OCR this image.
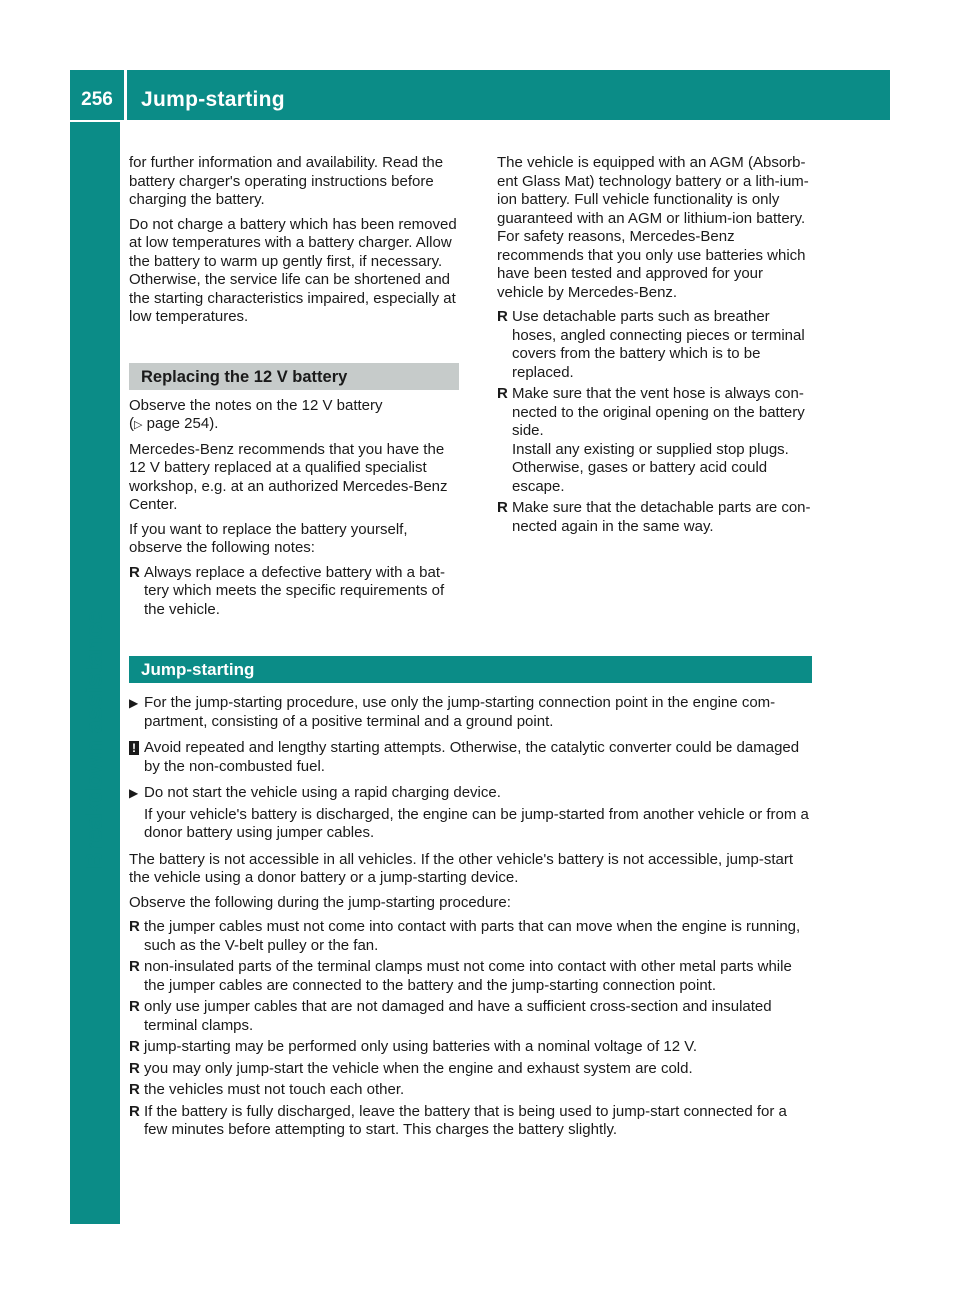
256	Jump-starting
Breakdown assistance

for further information and availability. Read the battery charger's operating instructions before charging the battery.

Do not charge a battery which has been removed at low temperatures with a battery charger. Allow the battery to warm up gently first, if necessary. Otherwise, the service life can be shortened and the starting characteristics impaired, especially at low temperatures.

Replacing the 12 V battery

Observe the notes on the 12 V battery
(▷ page 254).

Mercedes-Benz recommends that you have the 12 V battery replaced at a qualified specialist workshop, e.g. at an authorized Mercedes-Benz Center.

If you want to replace the battery yourself, observe the following notes:

R Always replace a defective battery with a bat-tery which meets the specific requirements of the vehicle.

The vehicle is equipped with an AGM (Absorb-ent Glass Mat) technology battery or a lith-ium-ion battery. Full vehicle functionality is only guaranteed with an AGM or lithium-ion battery. For safety reasons, Mercedes-Benz recommends that you only use batteries which have been tested and approved for your vehicle by Mercedes-Benz.

R Use detachable parts such as breather hoses, angled connecting pieces or terminal covers from the battery which is to be replaced.
R Make sure that the vent hose is always con-nected to the original opening on the battery side.
Install any existing or supplied stop plugs. Otherwise, gases or battery acid could escape.
R Make sure that the detachable parts are con-nected again in the same way.
Jump-starting
▶ For the jump-starting procedure, use only the jump-starting connection point in the engine com-partment, consisting of a positive terminal and a ground point.
! Avoid repeated and lengthy starting attempts. Otherwise, the catalytic converter could be damaged by the non-combusted fuel.
▶ Do not start the vehicle using a rapid charging device.
If your vehicle's battery is discharged, the engine can be jump-started from another vehicle or from a donor battery using jumper cables.

The battery is not accessible in all vehicles. If the other vehicle's battery is not accessible, jump-start the vehicle using a donor battery or a jump-starting device.

Observe the following during the jump-starting procedure:

R the jumper cables must not come into contact with parts that can move when the engine is running, such as the V-belt pulley or the fan.
R non-insulated parts of the terminal clamps must not come into contact with other metal parts while the jumper cables are connected to the battery and the jump-starting connection point.
R only use jumper cables that are not damaged and have a sufficient cross-section and insulated terminal clamps.
R jump-starting may be performed only using batteries with a nominal voltage of 12 V.
R you may only jump-start the vehicle when the engine and exhaust system are cold.
R the vehicles must not touch each other.
R If the battery is fully discharged, leave the battery that is being used to jump-start connected for a few minutes before attempting to start. This charges the battery slightly.
